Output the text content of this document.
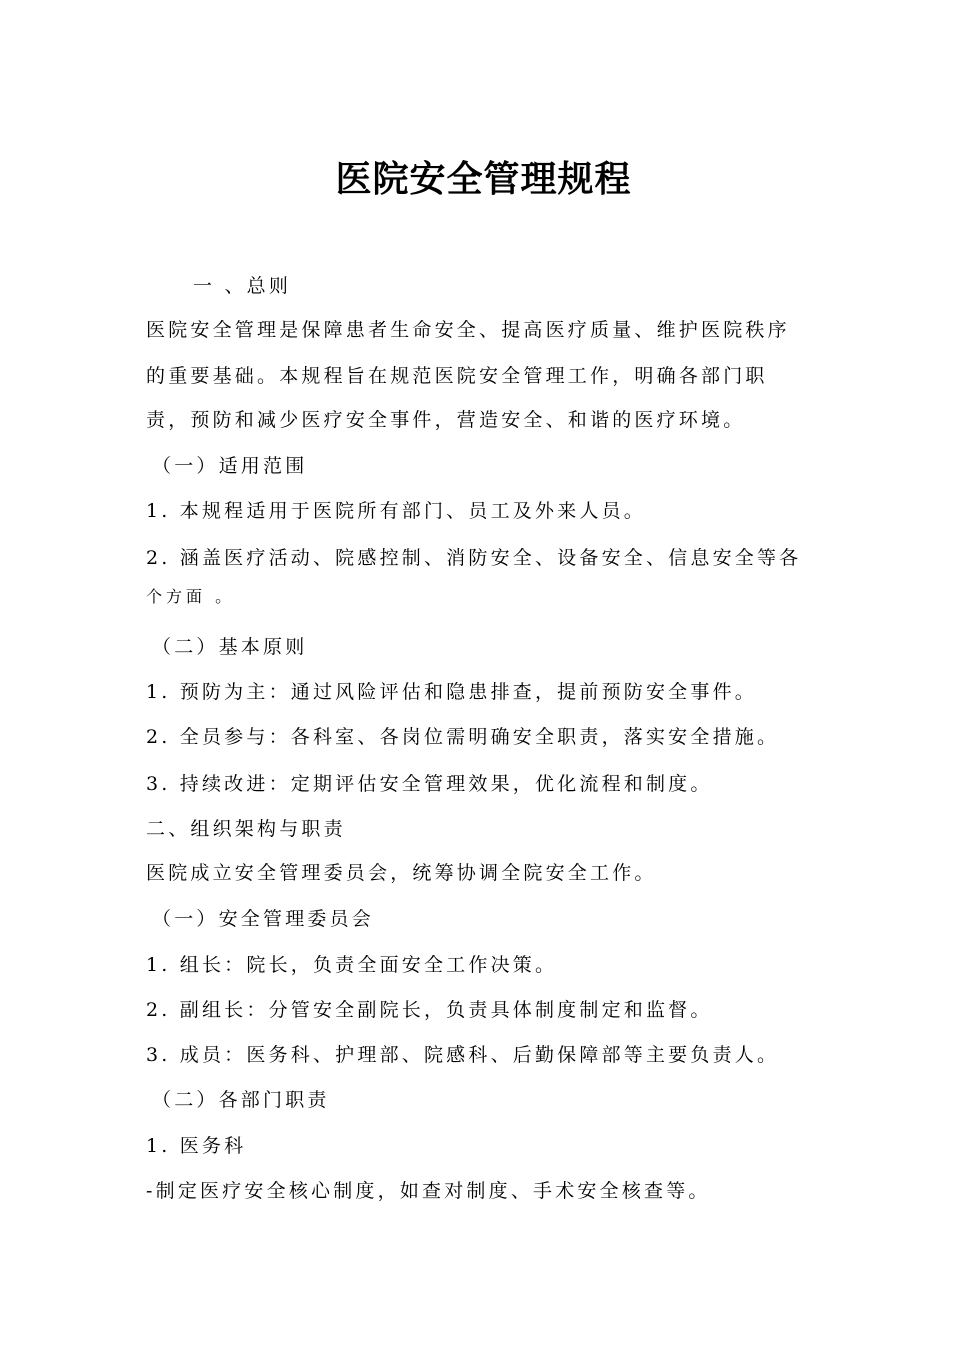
医院安全管理规程
一 、总则
医院安全管理是保障患者生命安全、提高医疗质量、维护医院秩序
的重要基础。本规程旨在规范医院安全管理工作，明确各部门职
责，预防和减少医疗安全事件，营造安全、和谐的医疗环境。
（一）适用范围
1. 本规程适用于医院所有部门、员工及外来人员。
2. 涵盖医疗活动、院感控制、消防安全、设备安全、信息安全等各
个方面 。
（二）基本原则
1. 预防为主：通过风险评估和隐患排查，提前预防安全事件。
2. 全员参与：各科室、各岗位需明确安全职责，落实安全措施。
3. 持续改进：定期评估安全管理效果，优化流程和制度。
二、组织架构与职责
医院成立安全管理委员会，统筹协调全院安全工作。
（一）安全管理委员会
1. 组长：院长，负责全面安全工作决策。
2. 副组长：分管安全副院长，负责具体制度制定和监督。
3. 成员：医务科、护理部、院感科、后勤保障部等主要负责人。
（二）各部门职责
1. 医务科
-制定医疗安全核心制度，如查对制度、手术安全核查等。
